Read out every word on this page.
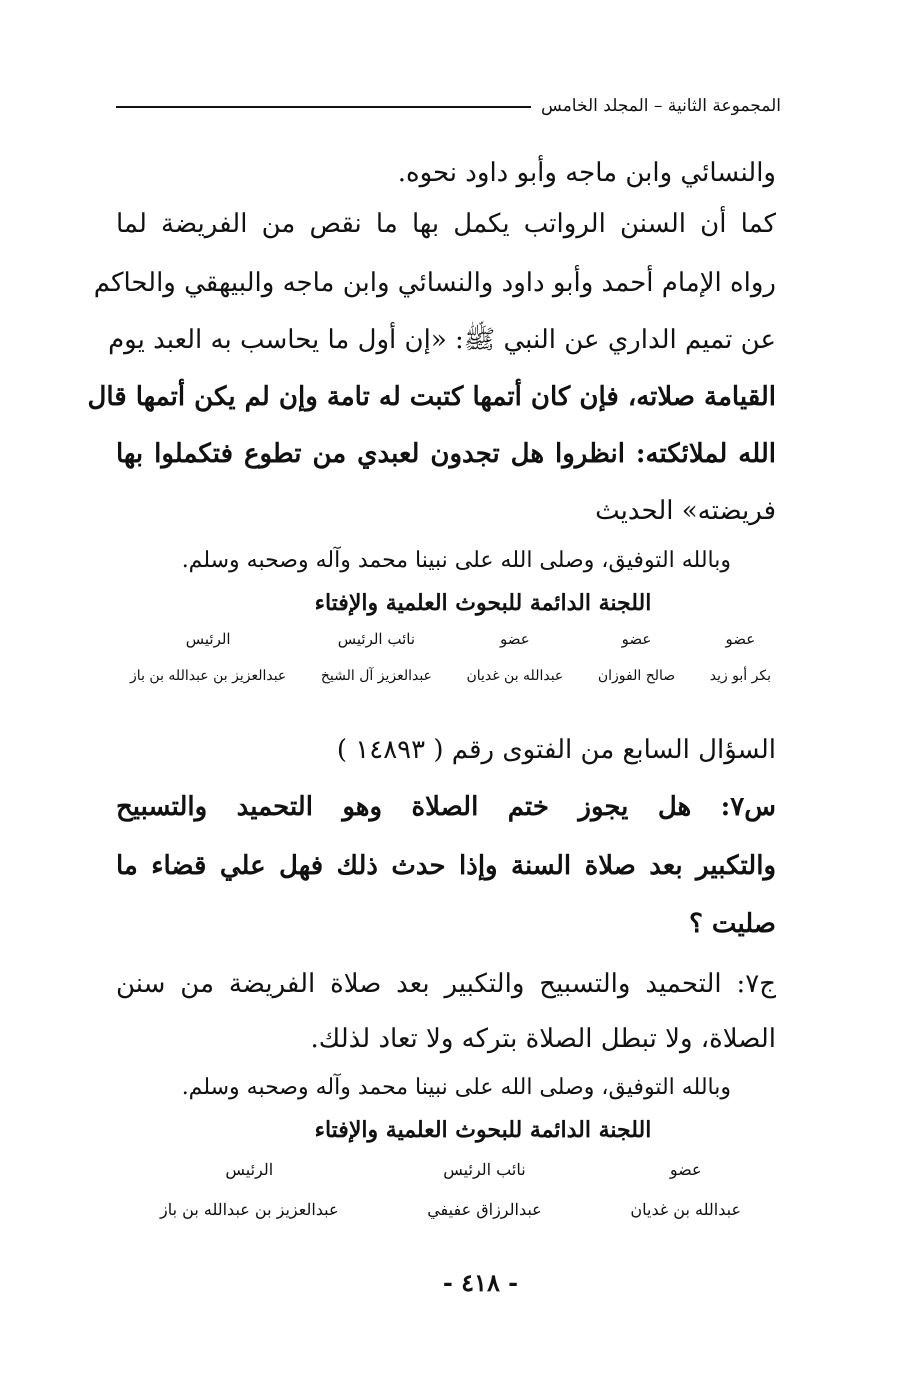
المجموعة الثانية – المجلد الخامس
والنسائي وابن ماجه وأبو داود نحوه.
كما أن السنن الرواتب يكمل بها ما نقص من الفريضة لما
رواه الإمام أحمد وأبو داود والنسائي وابن ماجه والبيهقي والحاكم
عن تميم الداري عن النبي ﷺ: «إن أول ما يحاسب به العبد يوم
القيامة صلاته، فإن كان أتمها كتبت له تامة وإن لم يكن أتمها قال
الله لملائكته: انظروا هل تجدون لعبدي من تطوع فتكملوا بها
فريضته» الحديث
وبالله التوفيق، وصلى الله على نبينا محمد وآله وصحبه وسلم.
اللجنة الدائمة للبحوث العلمية والإفتاء
عضو
بكر أبو زيد
عضو
صالح الفوزان
عضو
عبدالله بن غديان
نائب الرئيس
عبدالعزيز آل الشيخ
الرئيس
عبدالعزيز بن عبدالله بن باز
السؤال السابع من الفتوى رقم ( ١٤٨٩٣ )
س٧: هل يجوز ختم الصلاة وهو التحميد والتسبيح
والتكبير بعد صلاة السنة وإذا حدث ذلك فهل علي قضاء ما
صليت ؟
ج٧: التحميد والتسبيح والتكبير بعد صلاة الفريضة من سنن
الصلاة، ولا تبطل الصلاة بتركه ولا تعاد لذلك.
وبالله التوفيق، وصلى الله على نبينا محمد وآله وصحبه وسلم.
اللجنة الدائمة للبحوث العلمية والإفتاء
عضو
عبدالله بن غديان
نائب الرئيس
عبدالرزاق عفيفي
الرئيس
عبدالعزيز بن عبدالله بن باز
- ٤١٨ -
